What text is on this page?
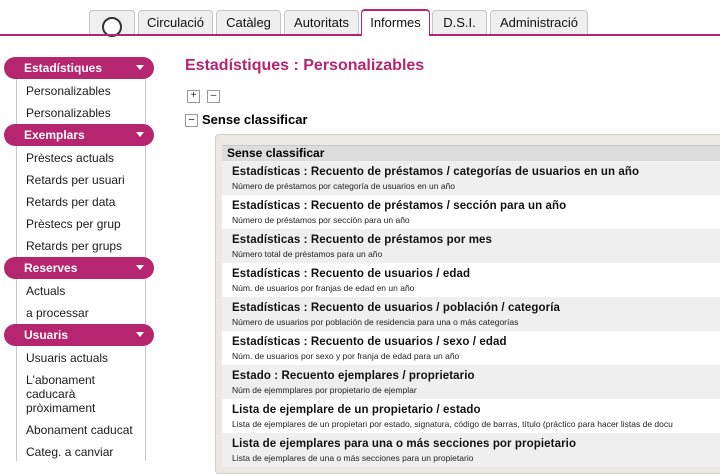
Circulació	Catàleg	Autoritats	D.S.I.	Administració
Informes
Estadístiques
Personalizables
Personalizables
Exemplars
Prèstecs actuals
Retards per usuari
Retards per data
Prèstecs per grup
Retards per grups
Reserves
Actuals
a processar
Usuaris
Usuaris actuals
L'abonament caducarà pròximament
Abonament caducat
Categ. a canviar
Estadístiques : Personalizables
+	–
– Sense classificar
Sense classificar
Estadísticas : Recuento de préstamos / categorías de usuarios en un año
Número de préstamos por categoría de usuarios en un año
Estadísticas : Recuento de préstamos / sección para un año
Número de préstamos por sección para un año
Estadísticas : Recuento de préstamos por mes
Número total de préstamos para un año
Estadísticas : Recuento de usuarios / edad
Núm. de usuarios por franjas de edad en un año
Estadísticas : Recuento de usuarios / población / categoría
Número de usuarios por población de residencia para una o más categorías
Estadísticas : Recuento de usuarios / sexo / edad
Núm. de usuarios por sexo y por franja de edad para un año
Estado : Recuento ejemplares / proprietario
Núm de ejemmplares por propietario de ejemplar
Lista de ejemplare de un propietario / estado
Lista de ejemplares de un propietari por estado, signatura, código de barras, título (práctico para hacer listas de docu
Lista de ejemplares para una o más secciones por propietario
Lista de ejemplares de una o más secciones para un propietario
